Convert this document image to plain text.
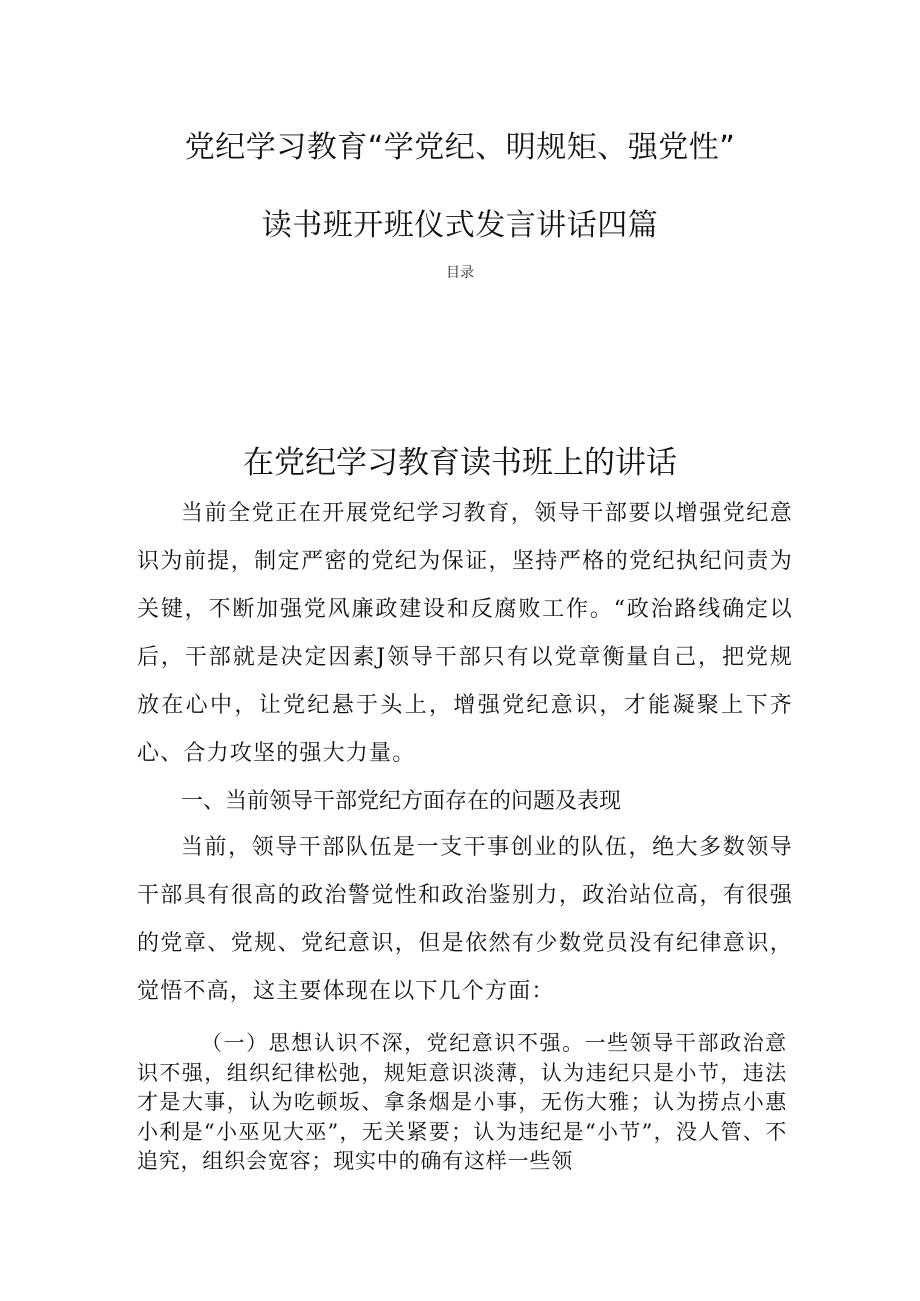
党纪学习教育“学党纪、明规矩、强党性”
读书班开班仪式发言讲话四篇
目录
在党纪学习教育读书班上的讲话

当前全党正在开展党纪学习教育，领导干部要以增强党纪意识为前提，制定严密的党纪为保证，坚持严格的党纪执纪问责为关键，不断加强党风廉政建设和反腐败工作。“政治路线确定以后，干部就是决定因素J领导干部只有以党章衡量自己，把党规放在心中，让党纪悬于头上，增强党纪意识，才能凝聚上下齐心、合力攻坚的强大力量。

一、当前领导干部党纪方面存在的问题及表现

当前，领导干部队伍是一支干事创业的队伍，绝大多数领导干部具有很高的政治警觉性和政治鉴别力，政治站位高，有很强的党章、党规、党纪意识，但是依然有少数党员没有纪律意识，觉悟不高，这主要体现在以下几个方面：

（一）思想认识不深，党纪意识不强。一些领导干部政治意识不强，组织纪律松弛，规矩意识淡薄，认为违纪只是小节，违法才是大事，认为吃顿坂、拿条烟是小事，无伤大雅；认为捞点小惠小利是“小巫见大巫”，无关紧要；认为违纪是“小节”，没人管、不追究，组织会宽容；现实中的确有这样一些领
